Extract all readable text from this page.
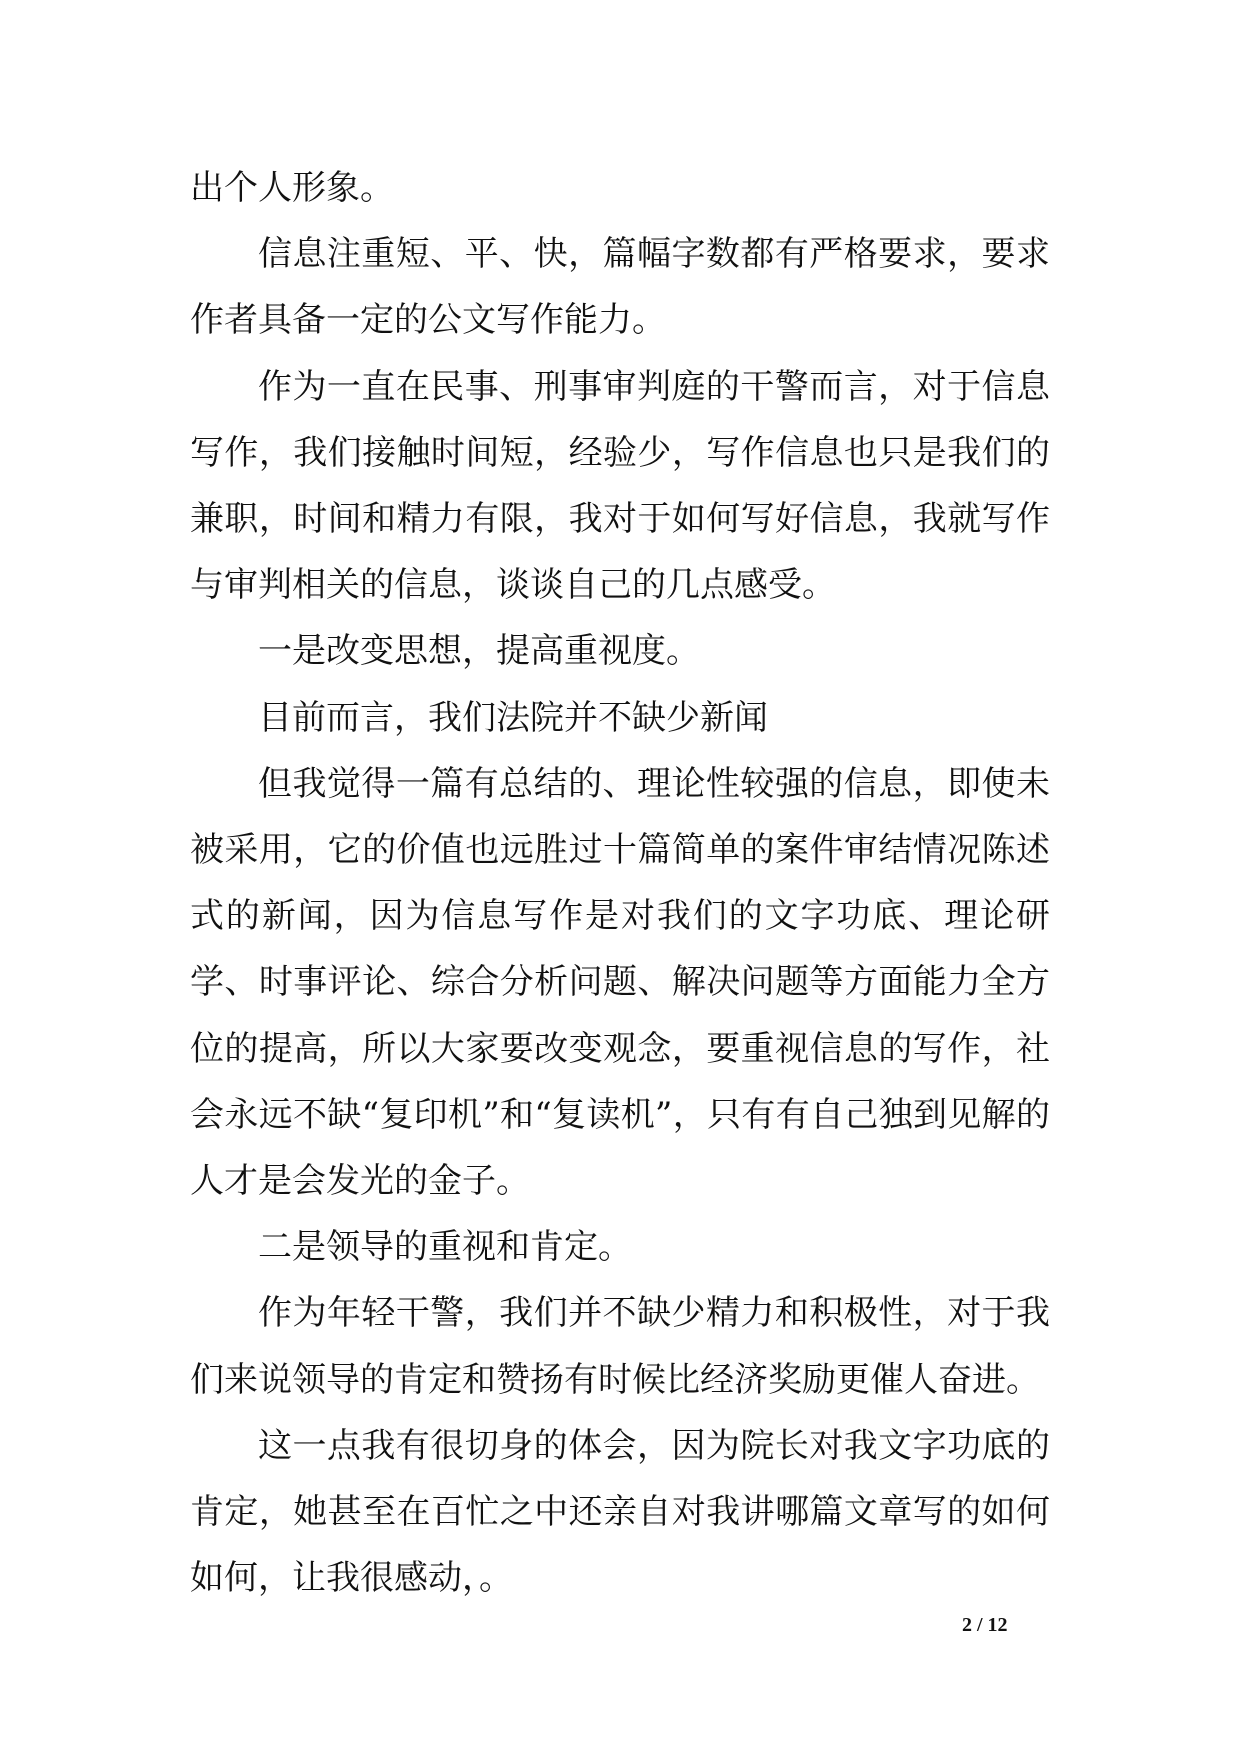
出个人形象。

信息注重短、平、快，篇幅字数都有严格要求，要求作者具备一定的公文写作能力。

作为一直在民事、刑事审判庭的干警而言，对于信息写作，我们接触时间短，经验少，写作信息也只是我们的兼职，时间和精力有限，我对于如何写好信息，我就写作与审判相关的信息，谈谈自己的几点感受。

一是改变思想，提高重视度。

目前而言，我们法院并不缺少新闻

但我觉得一篇有总结的、理论性较强的信息，即使未被采用，它的价值也远胜过十篇简单的案件审结情况陈述式的新闻，因为信息写作是对我们的文字功底、理论研学、时事评论、综合分析问题、解决问题等方面能力全方位的提高，所以大家要改变观念，要重视信息的写作，社会永远不缺“复印机”和“复读机”，只有有自己独到见解的人才是会发光的金子。

二是领导的重视和肯定。

作为年轻干警，我们并不缺少精力和积极性，对于我们来说领导的肯定和赞扬有时候比经济奖励更催人奋进。

这一点我有很切身的体会，因为院长对我文字功底的肯定，她甚至在百忙之中还亲自对我讲哪篇文章写的如何如何，让我很感动，。

2 / 12
